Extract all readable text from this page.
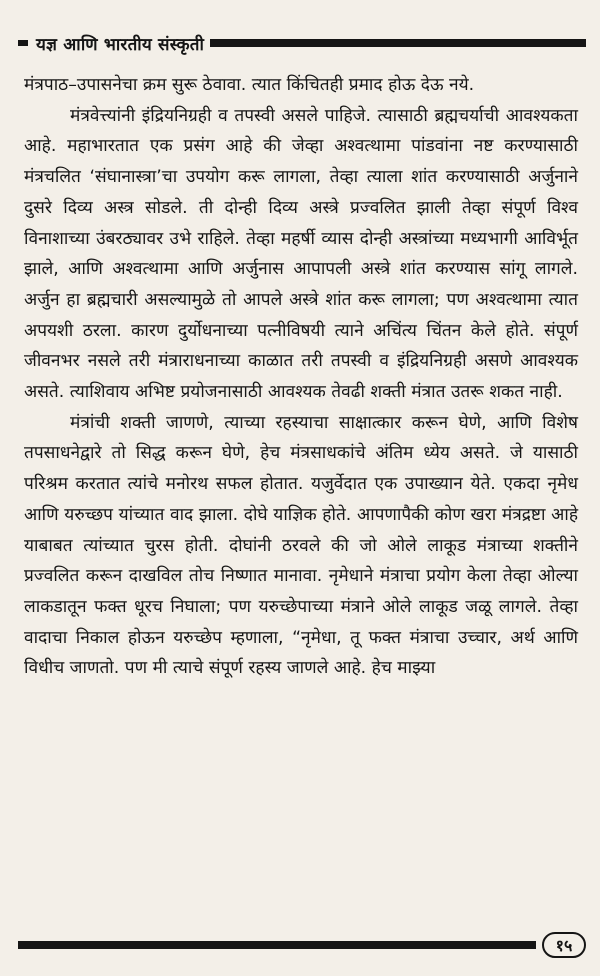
यज्ञ आणि भारतीय संस्कृती

मंत्रपाठ–उपासनेचा क्रम सुरू ठेवावा. त्यात किंचितही प्रमाद होऊ देऊ नये.

मंत्रवेत्त्यांनी इंद्रियनिग्रही व तपस्वी असले पाहिजे. त्यासाठी ब्रह्मचर्याची आवश्यकता आहे. महाभारतात एक प्रसंग आहे की जेव्हा अश्वत्थामा पांडवांना नष्ट करण्यासाठी मंत्रचलित ‘संघानास्त्रा’चा उपयोग करू लागला, तेव्हा त्याला शांत करण्यासाठी अर्जुनाने दुसरे दिव्य अस्त्र सोडले. ती दोन्ही दिव्य अस्त्रे प्रज्वलित झाली तेव्हा संपूर्ण विश्व विनाशाच्या उंबरठ्यावर उभे राहिले. तेव्हा महर्षी व्यास दोन्ही अस्त्रांच्या मध्यभागी आविर्भूत झाले, आणि अश्वत्थामा आणि अर्जुनास आपापली अस्त्रे शांत करण्यास सांगू लागले. अर्जुन हा ब्रह्मचारी असल्यामुळे तो आपले अस्त्रे शांत करू लागला; पण अश्वत्थामा त्यात अपयशी ठरला. कारण दुर्योधनाच्या पत्नीविषयी त्याने अचिंत्य चिंतन केले होते. संपूर्ण जीवनभर नसले तरी मंत्राराधनाच्या काळात तरी तपस्वी व इंद्रियनिग्रही असणे आवश्यक असते. त्याशिवाय अभिष्ट प्रयोजनासाठी आवश्यक तेवढी शक्ती मंत्रात उतरू शकत नाही.

मंत्रांची शक्ती जाणणे, त्याच्या रहस्याचा साक्षात्कार करून घेणे, आणि विशेष तपसाधनेद्वारे तो सिद्ध करून घेणे, हेच मंत्रसाधकांचे अंतिम ध्येय असते. जे यासाठी परिश्रम करतात त्यांचे मनोरथ सफल होतात. यजुर्वेदात एक उपाख्यान येते. एकदा नृमेध आणि यरुच्छप यांच्यात वाद झाला. दोघे याज्ञिक होते. आपणापैकी कोण खरा मंत्रद्रष्टा आहे याबाबत त्यांच्यात चुरस होती. दोघांनी ठरवले की जो ओले लाकूड मंत्राच्या शक्तीने प्रज्वलित करून दाखविल तोच निष्णात मानावा. नृमेधाने मंत्राचा प्रयोग केला तेव्हा ओल्या लाकडातून फक्त धूरच निघाला; पण यरुच्छेपाच्या मंत्राने ओले लाकूड जळू लागले. तेव्हा वादाचा निकाल होऊन यरुच्छेप म्हणाला, “नृमेधा, तू फक्त मंत्राचा उच्चार, अर्थ आणि विधीच जाणतो. पण मी त्याचे संपूर्ण रहस्य जाणले आहे. हेच माझ्या

१५
